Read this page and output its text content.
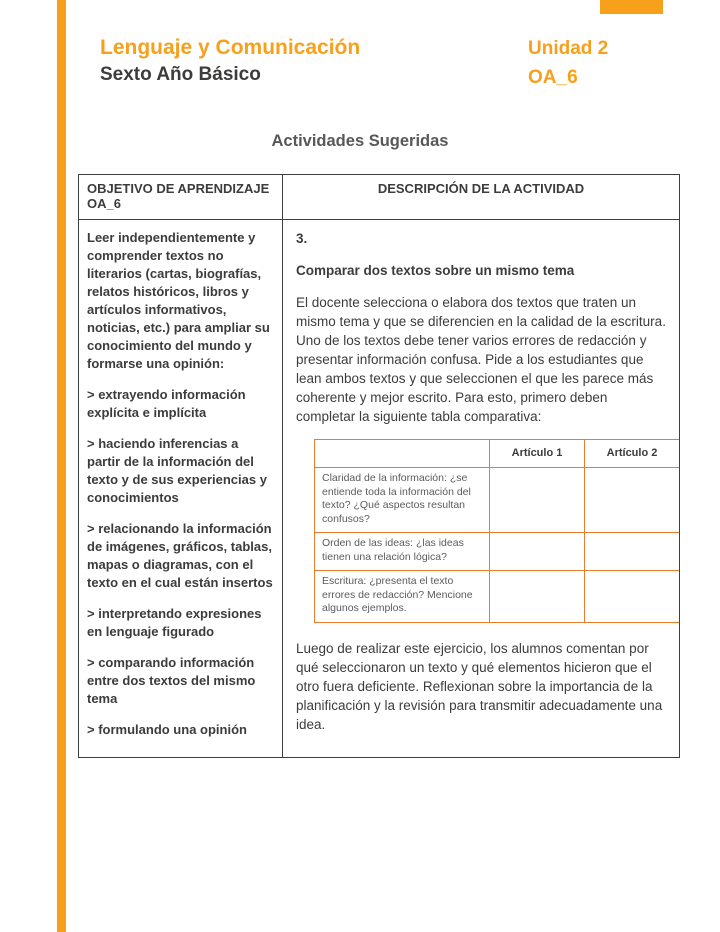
Lenguaje y Comunicación
Sexto Año Básico
Unidad 2
OA_6
Actividades Sugeridas
OBJETIVO DE APRENDIZAJE OA_6	DESCRIPCIÓN DE LA ACTIVIDAD

Leer independientemente y comprender textos no literarios (cartas, biografías, relatos históricos, libros y artículos informativos, noticias, etc.) para ampliar su conocimiento del mundo y formarse una opinión:

> extrayendo información explícita e implícita

> haciendo inferencias a partir de la información del texto y de sus experiencias y conocimientos

> relacionando la información de imágenes, gráficos, tablas, mapas o diagramas, con el texto en el cual están insertos

> interpretando expresiones en lenguaje figurado

> comparando información entre dos textos del mismo tema

> formulando una opinión

3.

Comparar dos textos sobre un mismo tema

El docente selecciona o elabora dos textos que traten un mismo tema y que se diferencien en la calidad de la escritura. Uno de los textos debe tener varios errores de redacción y presentar información confusa. Pide a los estudiantes que lean ambos textos y que seleccionen el que les parece más coherente y mejor escrito. Para esto, primero deben completar la siguiente tabla comparativa:

	Artículo 1	Artículo 2
Claridad de la información: ¿se entiende toda la información del texto? ¿Qué aspectos resultan confusos?		
Orden de las ideas: ¿las ideas tienen una relación lógica?		
Escritura: ¿presenta el texto errores de redacción? Mencione algunos ejemplos.		

Luego de realizar este ejercicio, los alumnos comentan por qué seleccionaron un texto y qué elementos hicieron que el otro fuera deficiente. Reflexionan sobre la importancia de la planificación y la revisión para transmitir adecuadamente una idea.
